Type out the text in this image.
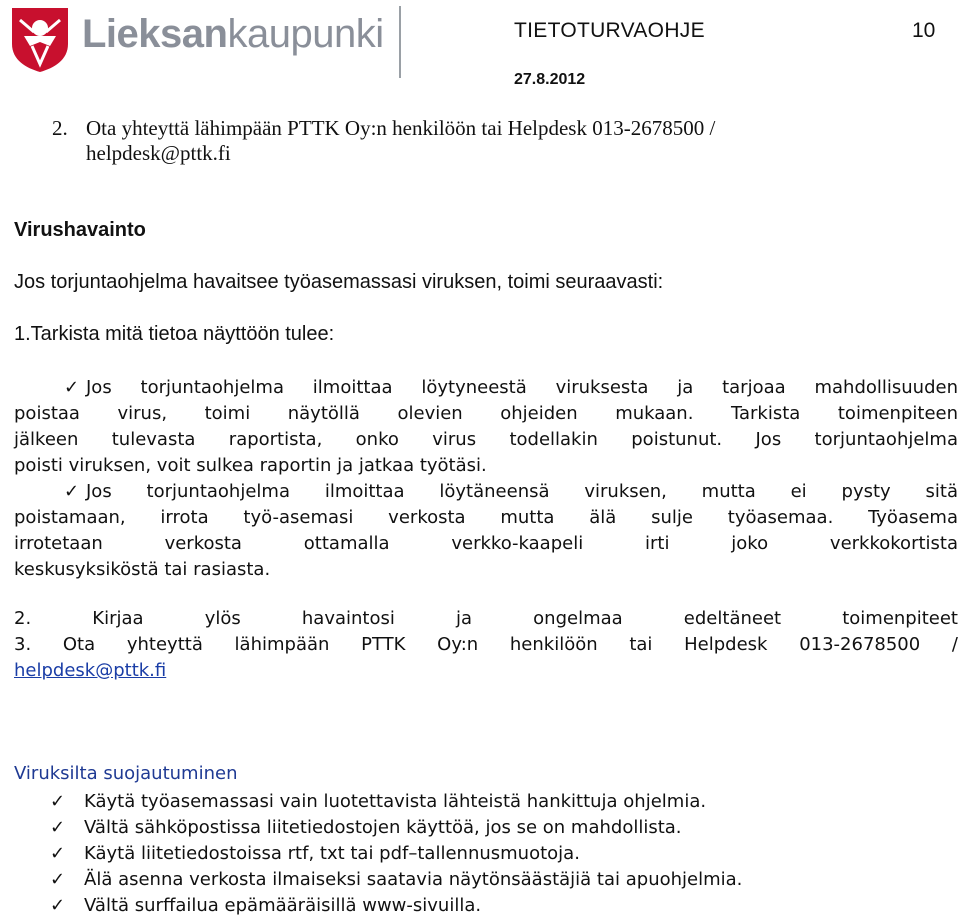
Lieksankaupunki	TIETOTURVAOHJE	10
27.8.2012
2. Ota yhteyttä lähimpään PTTK Oy:n henkilöön tai Helpdesk 013-2678500 /
helpdesk@pttk.fi
Virushavainto
Jos torjuntaohjelma havaitsee työasemassasi viruksen, toimi seuraavasti:
1.Tarkista mitä tietoa näyttöön tulee:
✓ Jos torjuntaohjelma ilmoittaa löytyneestä viruksesta ja tarjoaa mahdollisuuden
poistaa virus, toimi näytöllä olevien ohjeiden mukaan. Tarkista toimenpiteen
jälkeen tulevasta raportista, onko virus todellakin poistunut. Jos torjuntaohjelma
poisti viruksen, voit sulkea raportin ja jatkaa työtäsi.
✓ Jos torjuntaohjelma ilmoittaa löytäneensä viruksen, mutta ei pysty sitä
poistamaan, irrota työ-asemasi verkosta mutta älä sulje työasemaa. Työasema
irrotetaan verkosta ottamalla verkko-kaapeli irti joko verkkokortista
keskusyksiköstä tai rasiasta.
2. Kirjaa ylös havaintosi ja ongelmaa edeltäneet toimenpiteet
3. Ota yhteyttä lähimpään PTTK Oy:n henkilöön tai Helpdesk 013-2678500 /
helpdesk@pttk.fi
Viruksilta suojautuminen
✓	Käytä työasemassasi vain luotettavista lähteistä hankittuja ohjelmia.
✓	Vältä sähköpostissa liitetiedostojen käyttöä, jos se on mahdollista.
✓	Käytä liitetiedostoissa rtf, txt tai pdf–tallennusmuotoja.
✓	Älä asenna verkosta ilmaiseksi saatavia näytönsäästäjiä tai apuohjelmia.
✓	Vältä surffailua epämääräisillä www-sivuilla.
